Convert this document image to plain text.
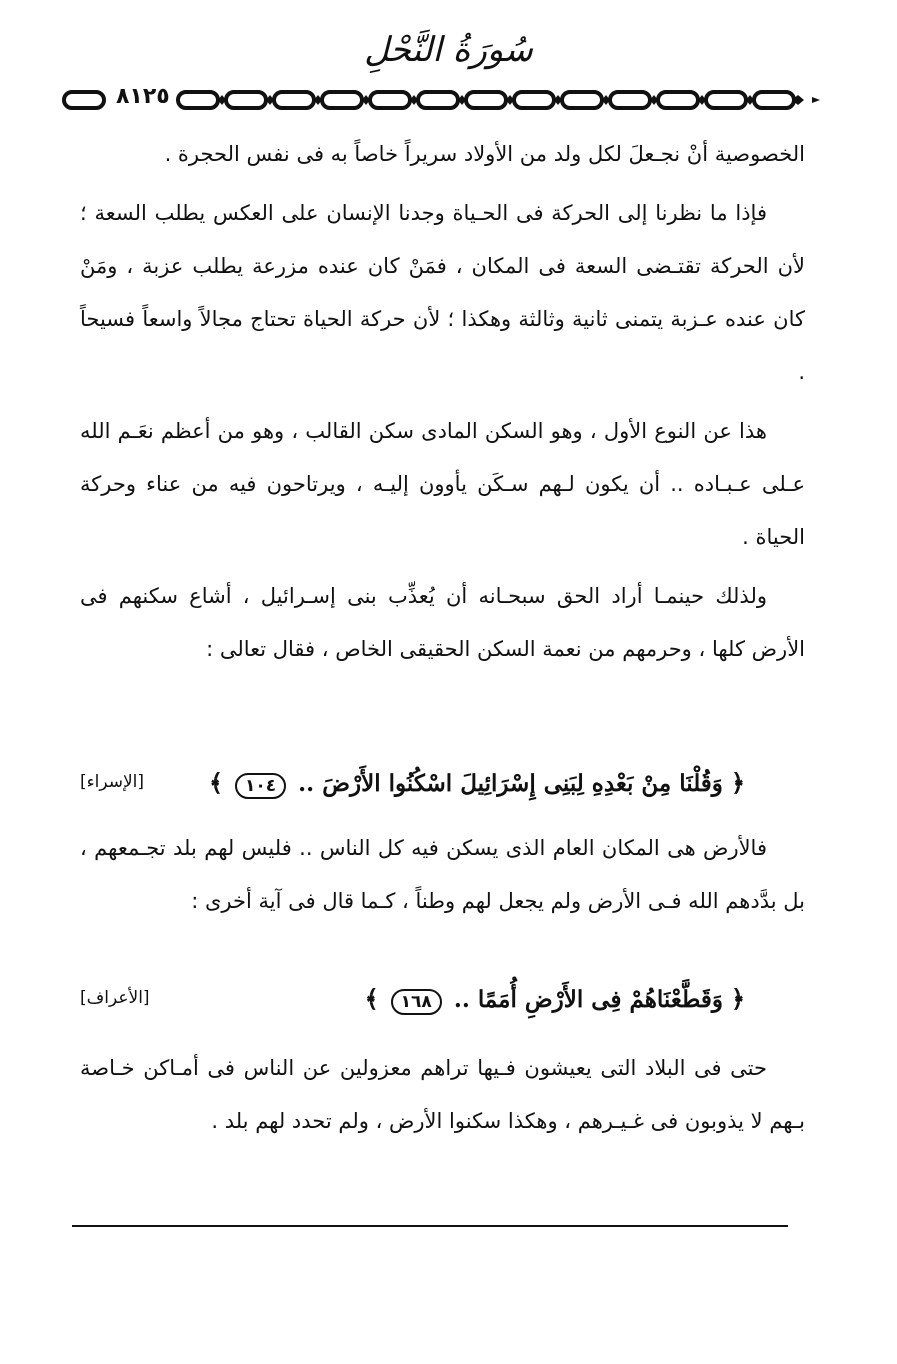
سُورَةُ النَّحْلِ
٨١٢٥

الخصوصية أنْ نجـعلَ لكل ولد من الأولاد سريراً خاصاً به فى نفس الحجرة .

فإذا ما نظرنا إلى الحركة فى الحـياة وجدنا الإنسان على العكس يطلب السعة ؛ لأن الحركة تقتـضى السعة فى المكان ، فمَنْ كان عنده مزرعة يطلب عزبة ، ومَنْ كان عنده عـزبة يتمنى ثانية وثالثة وهكذا ؛ لأن حركة الحياة تحتاج مجالاً واسعاً فسيحاً .

هذا عن النوع الأول ، وهو السكن المادى سكن القالب ، وهو من أعظم نعَـم الله عـلى عـبـاده .. أن يكون لـهم سـكَن يأوون إليـه ، ويرتاحون فيه من عناء وحركة الحياة .

ولذلك حينمـا أراد الحق سبحـانه أن يُعذِّب بنى إسـرائيل ، أشاع سكنهم فى الأرض كلها ، وحرمهم من نعمة السكن الحقيقى الخاص ، فقال تعالى :

﴿ وَقُلْنَا مِنْ بَعْدِهِ لِبَنِى إِسْرَائِيلَ اسْكُنُوا الأَرْضَ .. ١٠٤ ﴾
[الإسراء]

فالأرض هى المكان العام الذى يسكن فيه كل الناس .. فليس لهم بلد تجـمعهم ، بل بدَّدهم الله فـى الأرض ولم يجعل لهم وطناً ، كـما قال فى آية أخرى :

﴿ وَقَطَّعْنَاهُمْ فِى الأَرْضِ أُمَمًا .. ١٦٨ ﴾
[الأعراف]

حتى فى البلاد التى يعيشون فـيها تراهم معزولين عن الناس فى أمـاكن خـاصة بـهم لا يذوبون فى غـيـرهم ، وهكذا سكنوا الأرض ، ولم تحدد لهم بلد .
